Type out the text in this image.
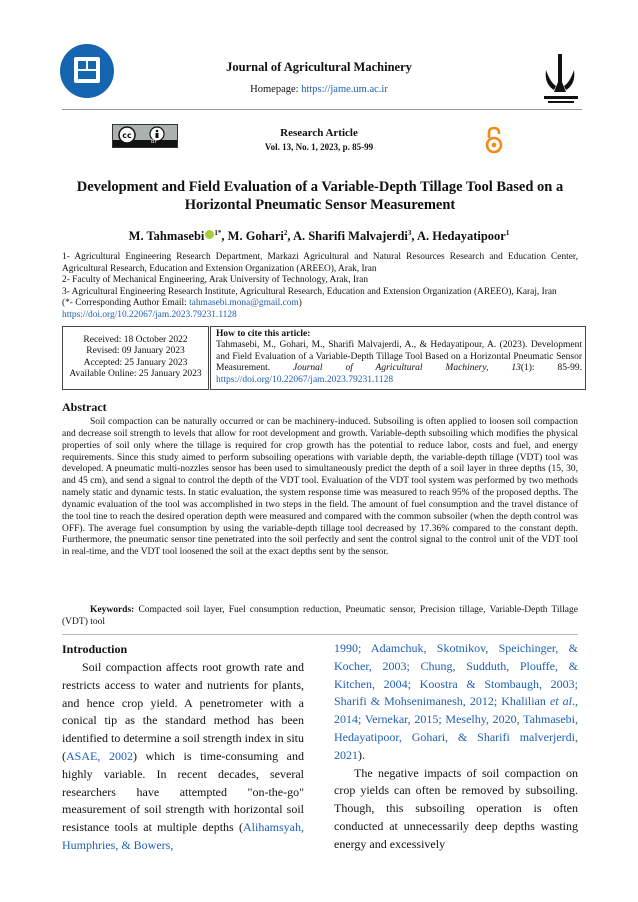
Journal of Agricultural Machinery
Homepage: https://jame.um.ac.ir
cc
BY
Research Article
Vol. 13, No. 1, 2023, p. 85-99
Development and Field Evaluation of a Variable-Depth Tillage Tool Based on a Horizontal Pneumatic Sensor Measurement
M. Tahmasebi $^{1*}$, M. Gohari$^2$, A. Sharifi Malvajerdi$^3$, A. Hedayatipoor$^1$
1- Agricultural Engineering Research Department, Markazi Agricultural and Natural Resources Research and Education Center, Agricultural Research, Education and Extension Organization (AREEO), Arak, Iran
2- Faculty of Mechanical Engineering, Arak University of Technology, Arak, Iran
3- Agricultural Engineering Research Institute, Agricultural Research, Education and Extension Organization (AREEO), Karaj, Iran
(*- Corresponding Author Email: tahmasebi.mona@gmail.com)
https://doi.org/10.22067/jam.2023.79231.1128
Received: 18 October 2022
Revised: 09 January 2023
Accepted: 25 January 2023
Available Online: 25 January 2023
How to cite this article:
Tahmasebi, M., Gohari, M., Sharifi Malvajerdi, A., & Hedayatipour, A. (2023). Development and Field Evaluation of a Variable-Depth Tillage Tool Based on a Horizontal Pneumatic Sensor Measurement. Journal of Agricultural Machinery, 13(1): 85-99. https://doi.org/10.22067/jam.2023.79231.1128
Abstract
Soil compaction can be naturally occurred or can be machinery-induced. Subsoiling is often applied to loosen soil compaction and decrease soil strength to levels that allow for root development and growth. Variable-depth subsoiling which modifies the physical properties of soil only where the tillage is required for crop growth has the potential to reduce labor, costs and fuel, and energy requirements. Since this study aimed to perform subsoiling operations with variable depth, the variable-depth tillage (VDT) tool was developed. A pneumatic multi-nozzles sensor has been used to simultaneously predict the depth of a soil layer in three depths (15, 30, and 45 cm), and send a signal to control the depth of the VDT tool. Evaluation of the VDT tool system was performed by two methods namely static and dynamic tests. In static evaluation, the system response time was measured to reach 95% of the proposed depths. The dynamic evaluation of the tool was accomplished in two steps in the field. The amount of fuel consumption and the travel distance of the tool tine to reach the desired operation depth were measured and compared with the common subsoiler (when the depth control was OFF). The average fuel consumption by using the variable-depth tillage tool decreased by 17.36% compared to the constant depth. Furthermore, the pneumatic sensor tine penetrated into the soil perfectly and sent the control signal to the control unit of the VDT tool in real-time, and the VDT tool loosened the soil at the exact depths sent by the sensor.
Keywords: Compacted soil layer, Fuel consumption reduction, Pneumatic sensor, Precision tillage, Variable-Depth Tillage (VDT) tool
Introduction
Soil compaction affects root growth rate and restricts access to water and nutrients for plants, and hence crop yield. A penetrometer with a conical tip as the standard method has been identified to determine a soil strength index in situ (ASAE, 2002) which is time-consuming and highly variable. In recent decades, several researchers have attempted "on-the-go" measurement of soil strength with horizontal soil resistance tools at multiple depths (Alihamsyah, Humphries, & Bowers,

1990; Adamchuk, Skotnikov, Speichinger, & Kocher, 2003; Chung, Sudduth, Plouffe, & Kitchen, 2004; Koostra & Stombaugh, 2003; Sharifi & Mohsenimanesh, 2012; Khalilian et al., 2014; Vernekar, 2015; Meselhy, 2020, Tahmasebi, Hedayatipoor, Gohari, & Sharifi malverjerdi, 2021).

The negative impacts of soil compaction on crop yields can often be removed by subsoiling. Though, this subsoiling operation is often conducted at unnecessarily deep depths wasting energy and excessively
